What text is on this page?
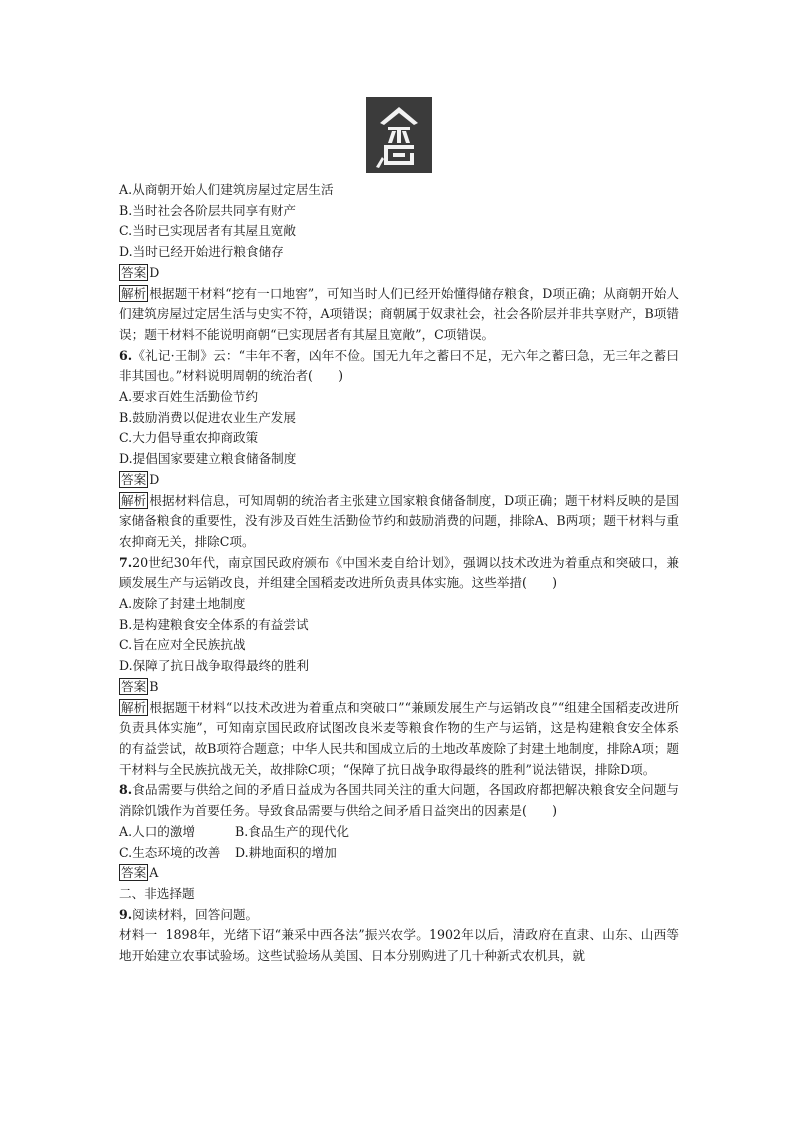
A.从商朝开始人们建筑房屋过定居生活
B.当时社会各阶层共同享有财产
C.当时已实现居者有其屋且宽敞
D.当时已经开始进行粮食储存
答案 D
解析 根据题干材料“挖有一口地窖”，可知当时人们已经开始懂得储存粮食，D项正确；从商朝开始人们建筑房屋过定居生活与史实不符，A项错误；商朝属于奴隶社会，社会各阶层并非共享财产，B项错误；题干材料不能说明商朝“已实现居者有其屋且宽敞”，C项错误。
6.《礼记·王制》云：“丰年不奢，凶年不俭。国无九年之蓄曰不足，无六年之蓄曰急，无三年之蓄曰非其国也。”材料说明周朝的统治者(　　)
A.要求百姓生活勤俭节约
B.鼓励消费以促进农业生产发展
C.大力倡导重农抑商政策
D.提倡国家要建立粮食储备制度
答案 D
解析 根据材料信息，可知周朝的统治者主张建立国家粮食储备制度，D项正确；题干材料反映的是国家储备粮食的重要性，没有涉及百姓生活勤俭节约和鼓励消费的问题，排除A、B两项；题干材料与重农抑商无关，排除C项。
7.20世纪30年代，南京国民政府颁布《中国米麦自给计划》，强调以技术改进为着重点和突破口，兼顾发展生产与运销改良，并组建全国稻麦改进所负责具体实施。这些举措(　　)
A.废除了封建土地制度
B.是构建粮食安全体系的有益尝试
C.旨在应对全民族抗战
D.保障了抗日战争取得最终的胜利
答案 B
解析 根据题干材料“以技术改进为着重点和突破口”“兼顾发展生产与运销改良”“组建全国稻麦改进所负责具体实施”，可知南京国民政府试图改良米麦等粮食作物的生产与运销，这是构建粮食安全体系的有益尝试，故B项符合题意；中华人民共和国成立后的土地改革废除了封建土地制度，排除A项；题干材料与全民族抗战无关，故排除C项；“保障了抗日战争取得最终的胜利”说法错误，排除D项。
8.食品需要与供给之间的矛盾日益成为各国共同关注的重大问题，各国政府都把解决粮食安全问题与消除饥饿作为首要任务。导致食品需要与供给之间矛盾日益突出的因素是(　　)
A.人口的激增	B.食品生产的现代化
C.生态环境的改善 D.耕地面积的增加
答案 A
二、非选择题
9.阅读材料，回答问题。
材料一 1898年，光绪下诏“兼采中西各法”振兴农学。1902年以后，清政府在直隶、山东、山西等地开始建立农事试验场。这些试验场从美国、日本分别购进了几十种新式农机具，就
